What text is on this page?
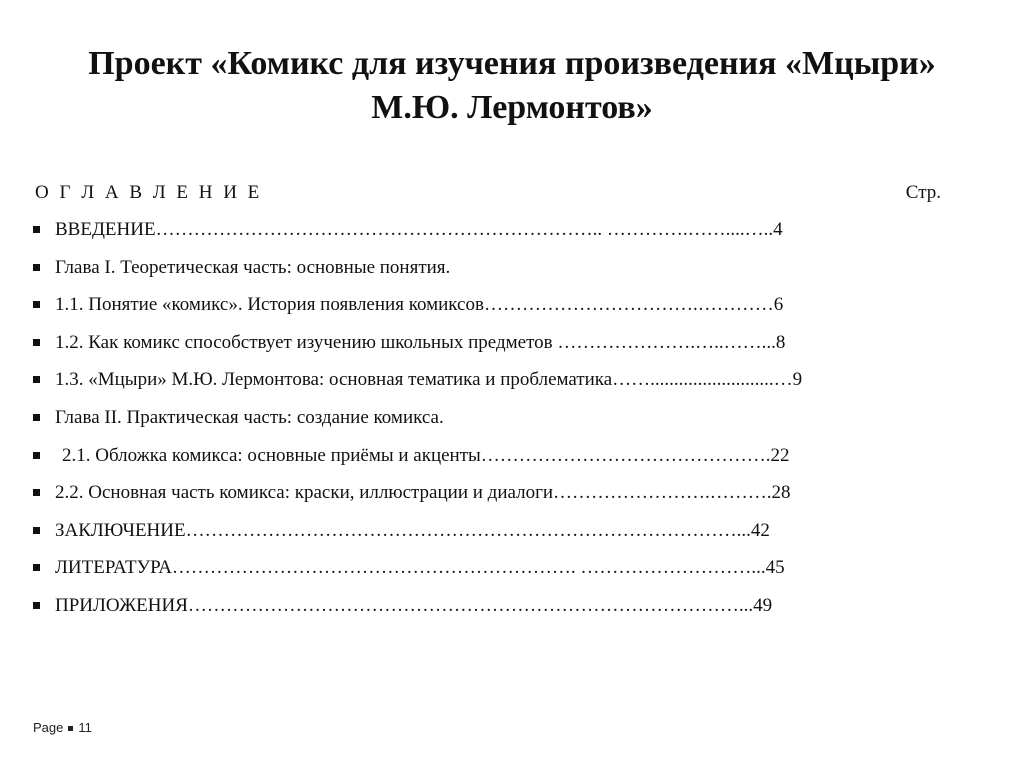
Проект «Комикс для изучения произведения «Мцыри»
М.Ю. Лермонтов»
О Г Л А В Л Е Н И Е	Стр.
ВВЕДЕНИЕ…………………………………………………………….. ………….……....…..4
Глава I. Теоретическая часть: основные понятия.
1.1. Понятие «комикс». История появления комиксов…………………………….…………6
1.2. Как комикс способствует изучению школьных предметов ………………….…..……...8
1.3. «Мцыри» М.Ю. Лермонтова: основная тематика и проблематика……..........................…9
Глава II. Практическая часть: создание комикса.
2.1. Обложка комикса: основные приёмы и акценты……………………………………….22
2.2. Основная часть комикса: краски, иллюстрации и диалоги…………………….……….28
ЗАКЛЮЧЕНИЕ……………………………………………………………………………...42
ЛИТЕРАТУРА………………………………………………………. ………………………...45
ПРИЛОЖЕНИЯ……………………………………………………………………………...49
Page 11
